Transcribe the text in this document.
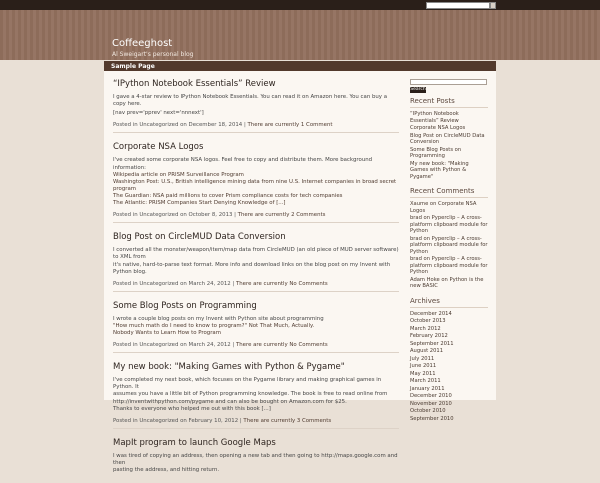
Coffeeghost
Al Sweigart's personal blog
Sample Page
“IPython Notebook Essentials” Review
I gave a 4-star review to IPython Notebook Essentials. You can read it on Amazon here. You can buy a copy here.
[nav prev='pprev' next='nnnext']
Posted in Uncategorized on December 18, 2014 | There are currently 1 Comment
Corporate NSA Logos
I've created some corporate NSA logos. Feel free to copy and distribute them. More background information:
Wikipedia article on PRISM Surveillance Program
Washington Post: U.S., British intelligence mining data from nine U.S. Internet companies in broad secret program
The Guardian: NSA paid millions to cover Prism compliance costs for tech companies
The Atlantic: PRISM Companies Start Denying Knowledge of [...]
Posted in Uncategorized on October 8, 2013 | There are currently 2 Comments
Blog Post on CircleMUD Data Conversion
I converted all the monster/weapon/item/map data from CircleMUD (an old piece of MUD server software) to XML from
it's native, hard-to-parse text format. More info and download links on the blog post on my Invent with Python blog.
Posted in Uncategorized on March 24, 2012 | There are currently No Comments
Some Blog Posts on Programming
I wrote a couple blog posts on my Invent with Python site about programming
"How much math do I need to know to program?" Not That Much, Actually.
Nobody Wants to Learn How to Program
Posted in Uncategorized on March 24, 2012 | There are currently No Comments
My new book: "Making Games with Python & Pygame"
I've completed my next book, which focuses on the Pygame library and making graphical games in Python. It
assumes you have a little bit of Python programming knowledge. The book is free to read online from
http://inventwithpython.com/pygame and can also be bought on Amazon.com for $25.
Thanks to everyone who helped me out with this book [...]
Posted in Uncategorized on February 10, 2012 | There are currently 3 Comments
MapIt program to launch Google Maps
I was tired of copying an address, then opening a new tab and then going to http://maps.google.com and then
pasting the address, and hitting return.
Search
Recent Posts
“IPython Notebook Essentials” Review
Corporate NSA Logos
Blog Post on CircleMUD Data Conversion
Some Blog Posts on Programming
My new book: "Making Games with Python & Pygame"
Recent Comments
Xaume on Corporate NSA Logos
brad on Pyperclip – A cross-platform clipboard module for Python
brad on Pyperclip – A cross-platform clipboard module for Python
brad on Pyperclip – A cross-platform clipboard module for Python
Adam Hoke on Python is the new BASIC
Archives
December 2014
October 2013
March 2012
February 2012
September 2011
August 2011
July 2011
June 2011
May 2011
March 2011
January 2011
December 2010
November 2010
October 2010
September 2010
